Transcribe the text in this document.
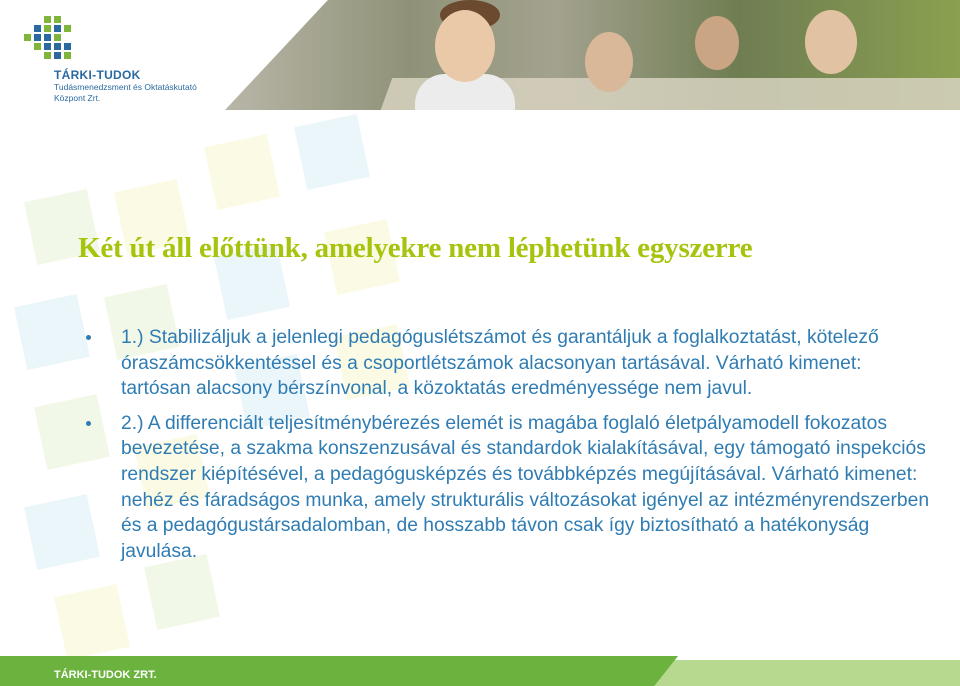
TÁRKI-TUDOK
Tudásmenedzsment és Oktatáskutató
Központ Zrt.
Két út áll előttünk, amelyekre nem léphetünk egyszerre
1.) Stabilizáljuk a jelenlegi pedagóguslétszámot és garantáljuk a foglalkoztatást, kötelező óraszámcsökkentéssel és a csoportlétszámok alacsonyan tartásával. Várható kimenet: tartósan alacsony bérszínvonal, a közoktatás eredményessége nem javul.
2.) A differenciált teljesítménybérezés elemét is magába foglaló életpályamodell fokozatos bevezetése, a szakma konszenzusával és standardok kialakításával, egy támogató inspekciós rendszer kiépítésével, a pedagógusképzés és továbbképzés megújításával. Várható kimenet: nehéz és fáradságos munka, amely strukturális változásokat igényel az intézményrendszerben és a pedagógustársadalomban, de hosszabb távon csak így biztosítható a hatékonyság javulása.
TÁRKI-TUDOK ZRT.
